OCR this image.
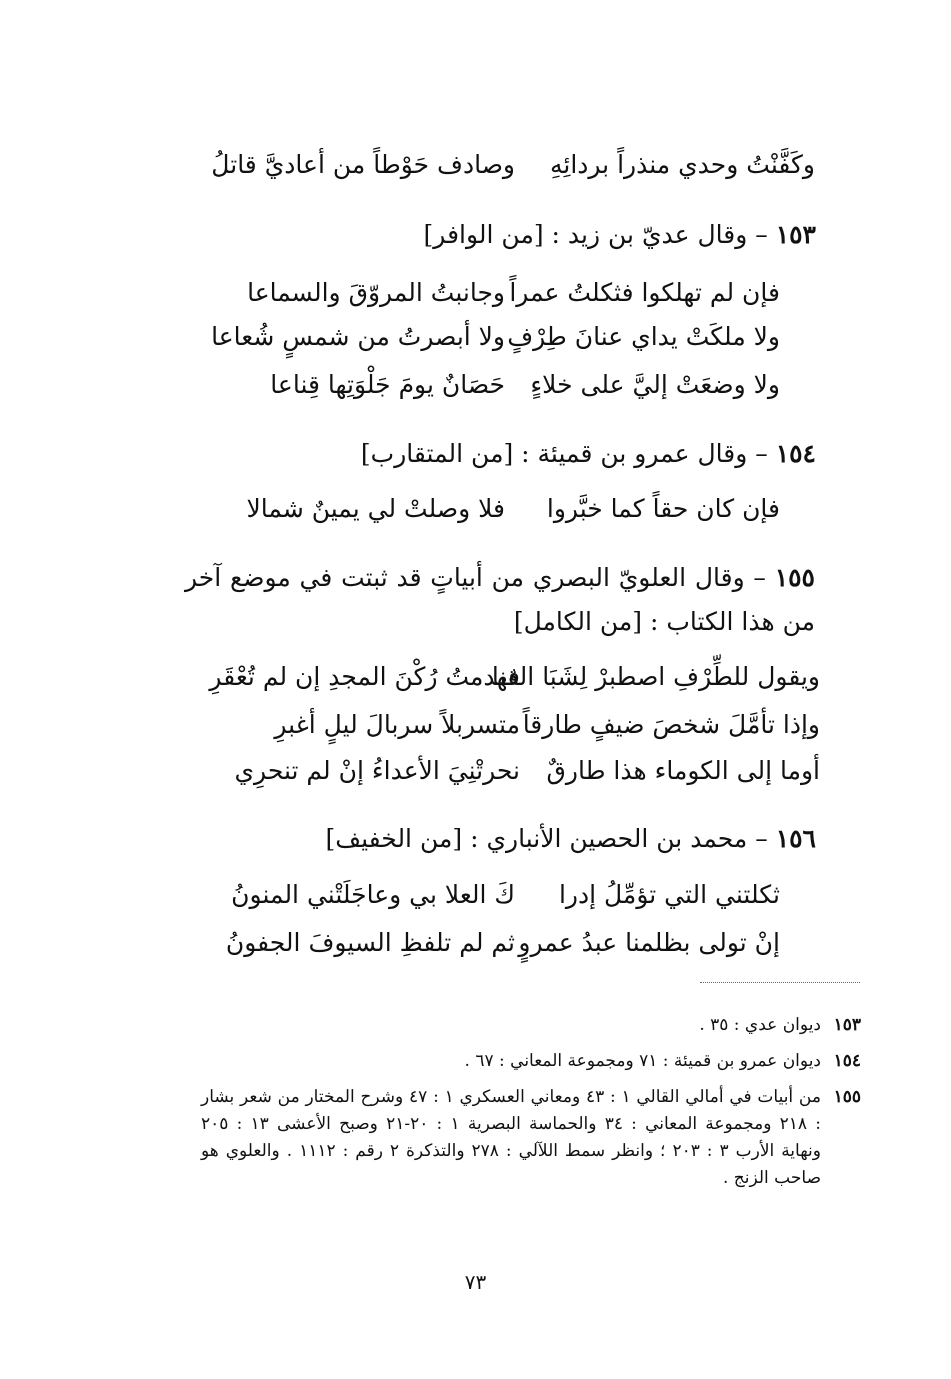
وكَفَّنْتُ وحدي منذراً بردائِهِ
وصادف حَوْطاً من أعاديَّ قاتلُ
١٥٣ – وقال عديّ بن زيد : [من الوافر]
فإن لم تهلكوا فثكلتُ عمراً
وجانبتُ المروّقَ والسماعا
ولا ملكَتْ يداي عنانَ طِرْفٍ
ولا أبصرتُ من شمسٍ شُعاعا
ولا وضعَتْ إليَّ على خلاءٍ
حَصَانٌ يومَ جَلْوَتِها قِناعا
١٥٤ – وقال عمرو بن قميئة : [من المتقارب]
فإن كان حقاً كما خبَّروا
فلا وصلتْ لي يمينٌ شمالا
١٥٥ – وقال العلويّ البصري من أبياتٍ قد ثبتت في موضع آخر من هذا الكتاب : [من الكامل]
ويقول للطِّرْفِ اصطبرْ لِشَبَا القنا
فهدمتُ رُكْنَ المجدِ إن لم تُعْقَرِ
وإذا تأمَّلَ شخصَ ضيفٍ طارقاً
متسربلاً سربالَ ليلٍ أغبرِ
أوما إلى الكوماء هذا طارقٌ
نحرتْنِيَ الأعداءُ إنْ لم تنحرِي
١٥٦ – محمد بن الحصين الأنباري : [من الخفيف]
ثكلتني التي تؤمِّلُ إدرا
كَ العلا بي وعاجَلَتْني المنونُ
إنْ تولى بظلمنا عبدُ عمروٍ
ثم لم تلفظِ السيوفَ الجفونُ
١٥٣
ديوان عدي : ٣٥ .
١٥٤
ديوان عمرو بن قميئة : ٧١ ومجموعة المعاني : ٦٧ .
١٥٥
من أبيات في أمالي القالي ١ : ٤٣ ومعاني العسكري ١ : ٤٧ وشرح المختار من شعر بشار : ٢١٨ ومجموعة المعاني : ٣٤ والحماسة البصرية ١ : ٢٠-٢١ وصبح الأعشى ١٣ : ٢٠٥ ونهاية الأرب ٣ : ٢٠٣ ؛ وانظر سمط اللآلي : ٢٧٨ والتذكرة ٢ رقم : ١١١٢ . والعلوي هو صاحب الزنج .
٧٣
